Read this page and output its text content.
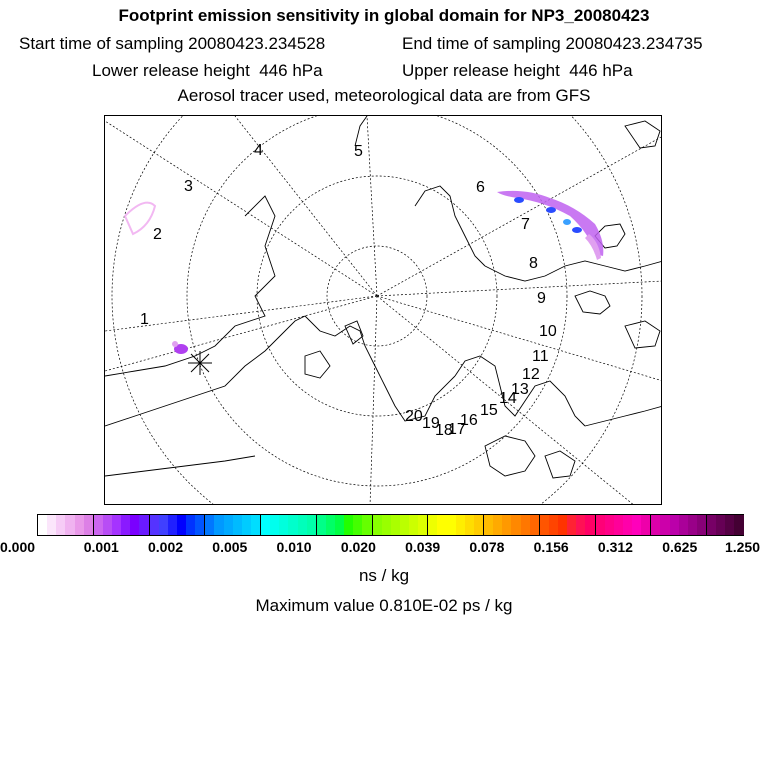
Footprint emission sensitivity in global domain for NP3_20080423

Start time of sampling 20080423.234528

	End time of sampling 20080423.234735

Lower release height  446 hPa

	Upper release height  446 hPa

Aerosol tracer used, meteorological data are from GFS
1
2
3
4	5
6
7
8
9
10
11
12
13
14
15
16
17
18
19
20
0.000	0.001 0.002 0.005 0.010 0.020 0.039 0.078 0.156 0.312 0.625 1.250
ns / kg
Maximum value 0.810E-02 ps / kg
